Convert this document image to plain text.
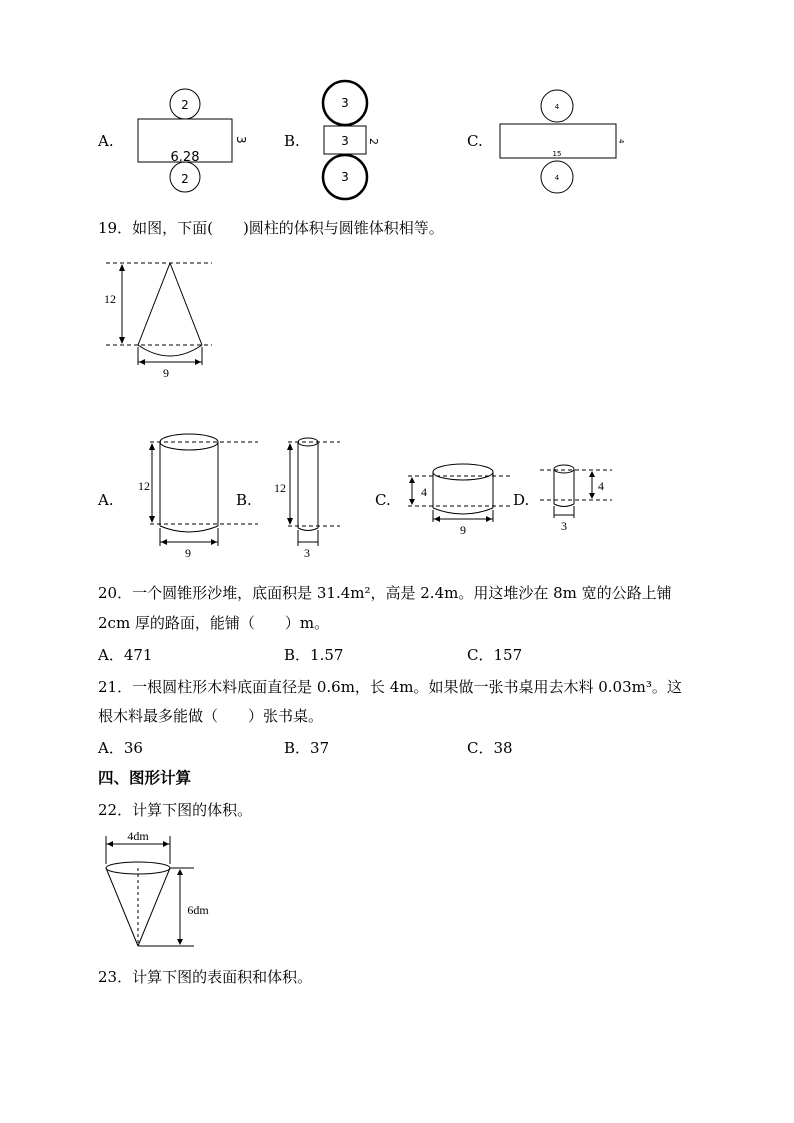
A.
2
6.28
3
2
B.
3
3 2
3
C.
4
15
4
4
19．如图，下面(　　)圆柱的体积与圆锥体积相等。
12
9
A.
12
9
B.
12
3
C.	4
9
D.
4
3
20．一个圆锥形沙堆，底面积是 31.4m²，高是 2.4m。用这堆沙在 8m 宽的公路上铺
2cm 厚的路面，能铺（　　）m。
A．471	B．1.57	C．157
21．一根圆柱形木料底面直径是 0.6m，长 4m。如果做一张书桌用去木料 0.03m³。这
根木料最多能做（　　）张书桌。
A．36	B．37	C．38
四、图形计算
22．计算下图的体积。
4dm
6dm
23．计算下图的表面积和体积。
